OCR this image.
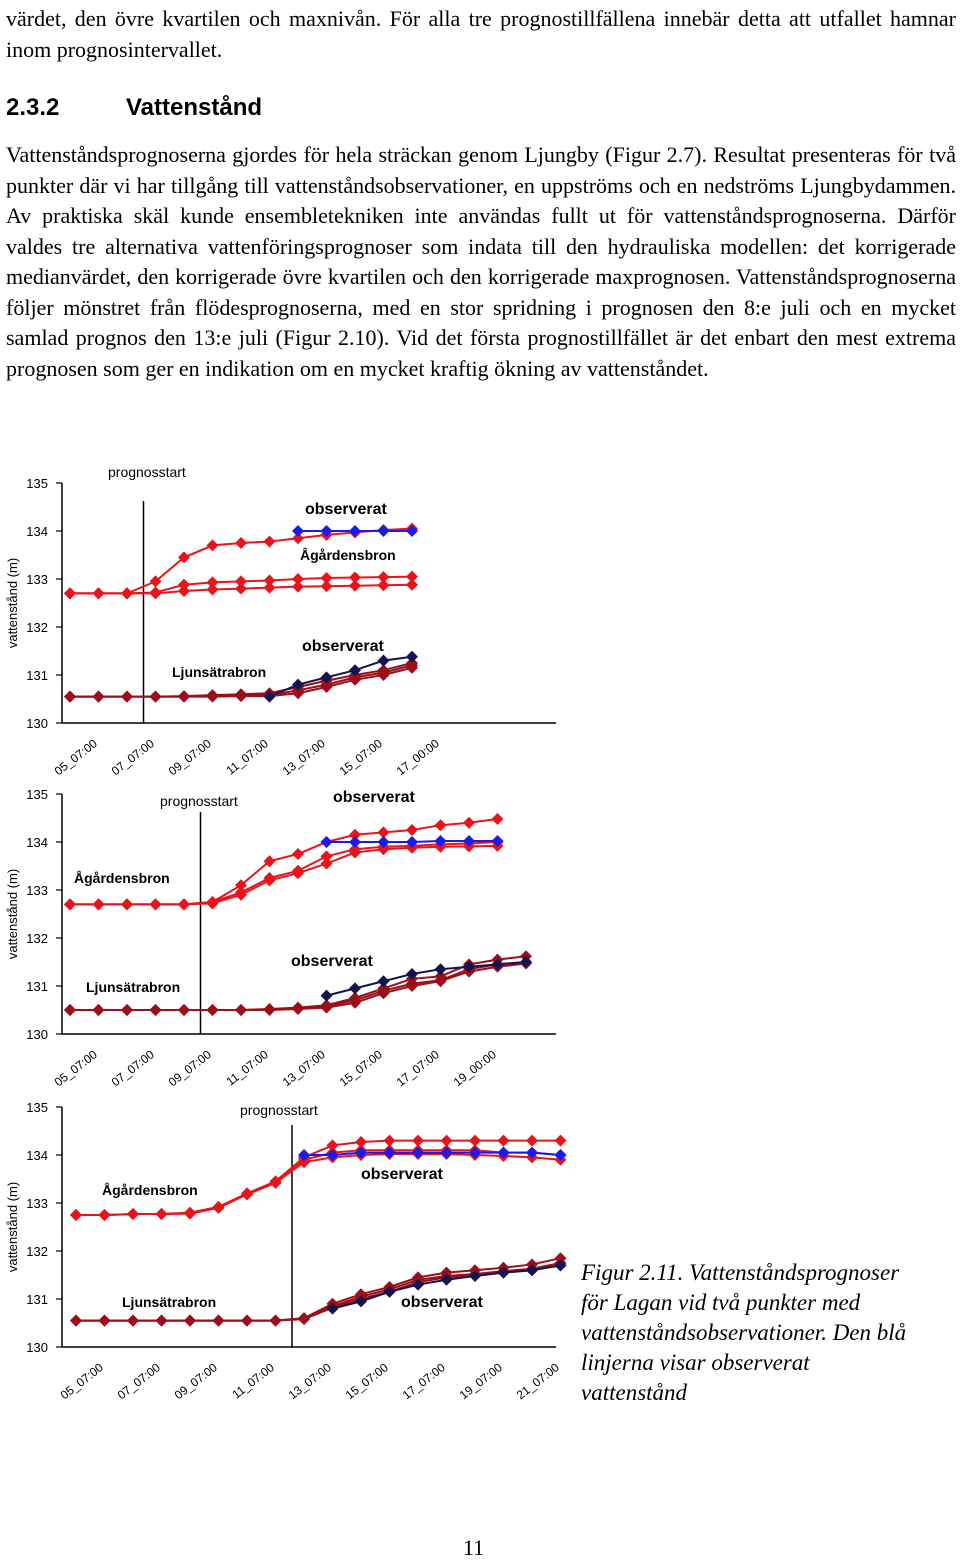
värdet, den övre kvartilen och maxnivån. För alla tre prognostillfällena innebär detta att utfallet hamnar inom prognosintervallet.

2.3.2	Vattenstånd

Vattenståndsprognoserna gjordes för hela sträckan genom Ljungby (Figur 2.7). Resultat presenteras för två punkter där vi har tillgång till vattenståndsobservationer, en uppströms och en nedströms Ljungbydammen. Av praktiska skäl kunde ensembletekniken inte användas fullt ut för vattenståndsprognoserna. Därför valdes tre alternativa vattenföringsprognoser som indata till den hydrauliska modellen: det korrigerade medianvärdet, den korrigerade övre kvartilen och den korrigerade maxprognosen. Vattenståndsprognoserna följer mönstret från flödesprognoserna, med en stor spridning i prognosen den 8:e juli och en mycket samlad prognos den 13:e juli (Figur 2.10). Vid det första prognostillfället är det enbart den mest extrema prognosen som ger en indikation om en mycket kraftig ökning av vattenståndet.

135
134
133
132
131
130
vattenstånd (m)
05_07:00 07_07:00 09_07:00 11_07:00 13_07:00 15_07:00 17_00:00
prognosstart
Ågårdensbron
Ljunsätrabron
observerat
observerat
135
134
133
132
131
130
vattenstånd (m)
05_07:00 07_07:00 09_07:00 11_07:00 13_07:00 15_07:00 17_07:00 19_00:00
prognosstart
Ågårdensbron
Ljunsätrabron
observerat
observerat
135
134
133
132
131
130
vattenstånd (m)
05_07:00 07_07:00 09_07:00 11_07:00 13_07:00 15_07:00 17_07:00 19_07:00 21_07:00
prognosstart
Ågårdensbron
Ljunsätrabron
observerat
observerat
Figur 2.11. Vattenståndsprognoser för Lagan vid två punkter med vattenståndsobservationer. Den blå linjerna visar observerat vattenstånd
11
